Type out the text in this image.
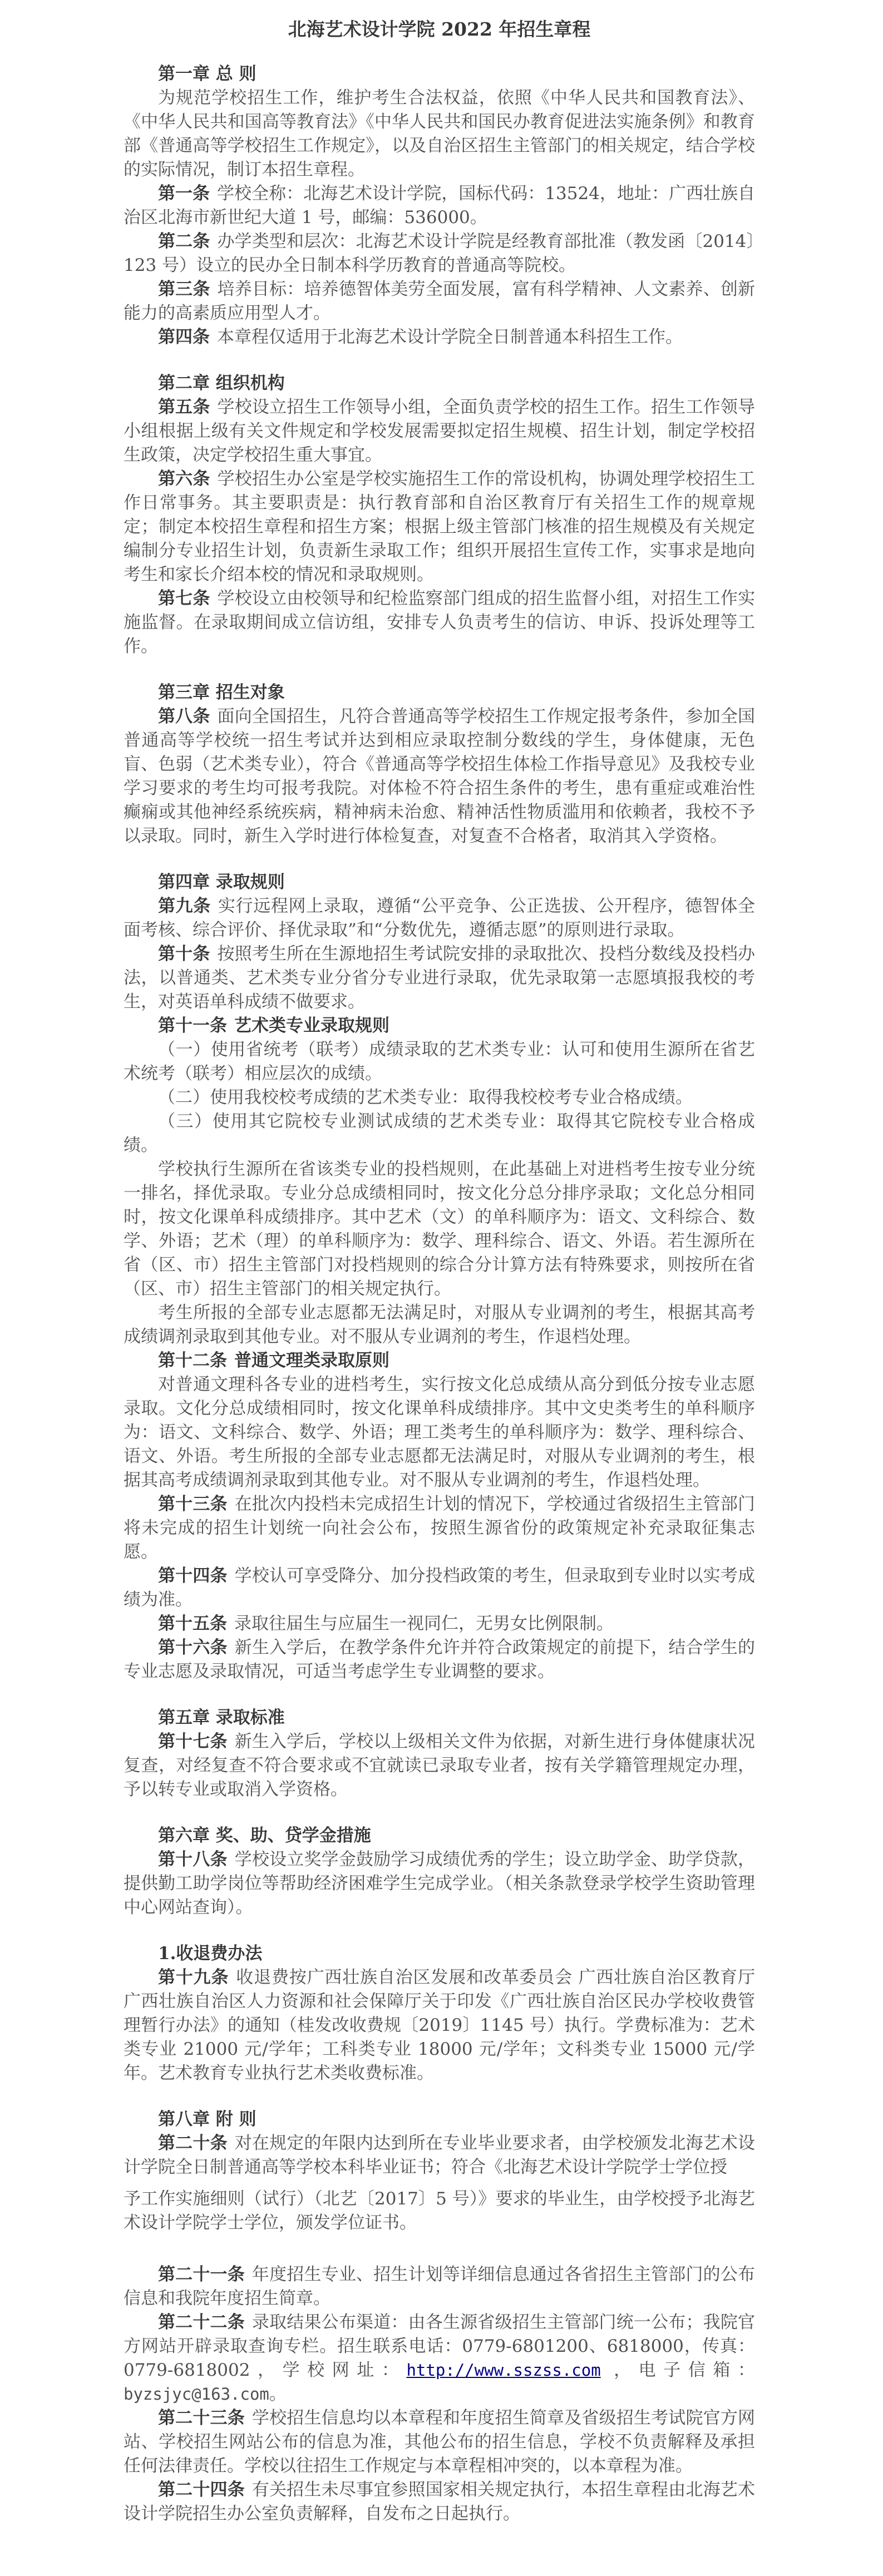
北海艺术设计学院 2022 年招生章程
第一章 总 则

为规范学校招生工作，维护考生合法权益，依照《中华人民共和国教育法》、《中华人民共和国高等教育法》《中华人民共和国民办教育促进法实施条例》和教育部《普通高等学校招生工作规定》，以及自治区招生主管部门的相关规定，结合学校的实际情况，制订本招生章程。

第一条 学校全称：北海艺术设计学院，国标代码：13524，地址：广西壮族自治区北海市新世纪大道 1 号，邮编：536000。

第二条 办学类型和层次：北海艺术设计学院是经教育部批准（教发函〔2014〕123 号）设立的民办全日制本科学历教育的普通高等院校。

第三条 培养目标：培养德智体美劳全面发展，富有科学精神、人文素养、创新能力的高素质应用型人才。

第四条 本章程仅适用于北海艺术设计学院全日制普通本科招生工作。

第二章 组织机构

第五条 学校设立招生工作领导小组，全面负责学校的招生工作。招生工作领导小组根据上级有关文件规定和学校发展需要拟定招生规模、招生计划，制定学校招生政策，决定学校招生重大事宜。

第六条 学校招生办公室是学校实施招生工作的常设机构，协调处理学校招生工作日常事务。其主要职责是：执行教育部和自治区教育厅有关招生工作的规章规定；制定本校招生章程和招生方案；根据上级主管部门核准的招生规模及有关规定编制分专业招生计划，负责新生录取工作；组织开展招生宣传工作，实事求是地向考生和家长介绍本校的情况和录取规则。

第七条 学校设立由校领导和纪检监察部门组成的招生监督小组，对招生工作实施监督。在录取期间成立信访组，安排专人负责考生的信访、申诉、投诉处理等工作。

第三章 招生对象

第八条 面向全国招生，凡符合普通高等学校招生工作规定报考条件，参加全国普通高等学校统一招生考试并达到相应录取控制分数线的学生，身体健康，无色盲、色弱（艺术类专业），符合《普通高等学校招生体检工作指导意见》及我校专业学习要求的考生均可报考我院。对体检不符合招生条件的考生，患有重症或难治性癫痫或其他神经系统疾病，精神病未治愈、精神活性物质滥用和依赖者，我校不予以录取。同时，新生入学时进行体检复查，对复查不合格者，取消其入学资格。

第四章 录取规则

第九条 实行远程网上录取，遵循“公平竞争、公正选拔、公开程序，德智体全面考核、综合评价、择优录取”和“分数优先，遵循志愿”的原则进行录取。

第十条 按照考生所在生源地招生考试院安排的录取批次、投档分数线及投档办法，以普通类、艺术类专业分省分专业进行录取，优先录取第一志愿填报我校的考生，对英语单科成绩不做要求。

第十一条 艺术类专业录取规则

（一）使用省统考（联考）成绩录取的艺术类专业：认可和使用生源所在省艺术统考（联考）相应层次的成绩。

（二）使用我校校考成绩的艺术类专业：取得我校校考专业合格成绩。

（三）使用其它院校专业测试成绩的艺术类专业：取得其它院校专业合格成绩。

学校执行生源所在省该类专业的投档规则，在此基础上对进档考生按专业分统一排名，择优录取。专业分总成绩相同时，按文化分总分排序录取；文化总分相同时，按文化课单科成绩排序。其中艺术（文）的单科顺序为：语文、文科综合、数学、外语；艺术（理）的单科顺序为：数学、理科综合、语文、外语。若生源所在省（区、市）招生主管部门对投档规则的综合分计算方法有特殊要求，则按所在省（区、市）招生主管部门的相关规定执行。

考生所报的全部专业志愿都无法满足时，对服从专业调剂的考生，根据其高考成绩调剂录取到其他专业。对不服从专业调剂的考生，作退档处理。

第十二条 普通文理类录取原则

对普通文理科各专业的进档考生，实行按文化总成绩从高分到低分按专业志愿录取。文化分总成绩相同时，按文化课单科成绩排序。其中文史类考生的单科顺序为：语文、文科综合、数学、外语；理工类考生的单科顺序为：数学、理科综合、语文、外语。考生所报的全部专业志愿都无法满足时，对服从专业调剂的考生，根据其高考成绩调剂录取到其他专业。对不服从专业调剂的考生，作退档处理。

第十三条 在批次内投档未完成招生计划的情况下，学校通过省级招生主管部门将未完成的招生计划统一向社会公布，按照生源省份的政策规定补充录取征集志愿。

第十四条 学校认可享受降分、加分投档政策的考生，但录取到专业时以实考成绩为准。

第十五条 录取往届生与应届生一视同仁，无男女比例限制。

第十六条 新生入学后，在教学条件允许并符合政策规定的前提下，结合学生的专业志愿及录取情况，可适当考虑学生专业调整的要求。

第五章 录取标准

第十七条 新生入学后，学校以上级相关文件为依据，对新生进行身体健康状况复查，对经复查不符合要求或不宜就读已录取专业者，按有关学籍管理规定办理，予以转专业或取消入学资格。

第六章 奖、助、贷学金措施

第十八条 学校设立奖学金鼓励学习成绩优秀的学生；设立助学金、助学贷款，提供勤工助学岗位等帮助经济困难学生完成学业。（相关条款登录学校学生资助管理中心网站查询）。

1.收退费办法

第十九条 收退费按广西壮族自治区发展和改革委员会 广西壮族自治区教育厅 广西壮族自治区人力资源和社会保障厅关于印发《广西壮族自治区民办学校收费管理暂行办法》的通知（桂发改收费规〔2019〕1145 号）执行。学费标准为：艺术类专业 21000 元/学年；工科类专业 18000 元/学年；文科类专业 15000 元/学年。艺术教育专业执行艺术类收费标准。

第八章 附 则

第二十条 对在规定的年限内达到所在专业毕业要求者，由学校颁发北海艺术设计学院全日制普通高等学校本科毕业证书；符合《北海艺术设计学院学士学位授

予工作实施细则（试行）（北艺〔2017〕5 号）》要求的毕业生，由学校授予北海艺术设计学院学士学位，颁发学位证书。

第二十一条 年度招生专业、招生计划等详细信息通过各省招生主管部门的公布信息和我院年度招生简章。

第二十二条 录取结果公布渠道：由各生源省级招生主管部门统一公布；我院官方网站开辟录取查询专栏。招生联系电话：0779-6801200、6818000，传真：0779-6818002，学校网址：http://www.sszss.com ，电子信箱：byzsjyc@163.com。

第二十三条 学校招生信息均以本章程和年度招生简章及省级招生考试院官方网站、学校招生网站公布的信息为准，其他公布的招生信息，学校不负责解释及承担任何法律责任。学校以往招生工作规定与本章程相冲突的，以本章程为准。

第二十四条 有关招生未尽事宜参照国家相关规定执行，本招生章程由北海艺术设计学院招生办公室负责解释，自发布之日起执行。
